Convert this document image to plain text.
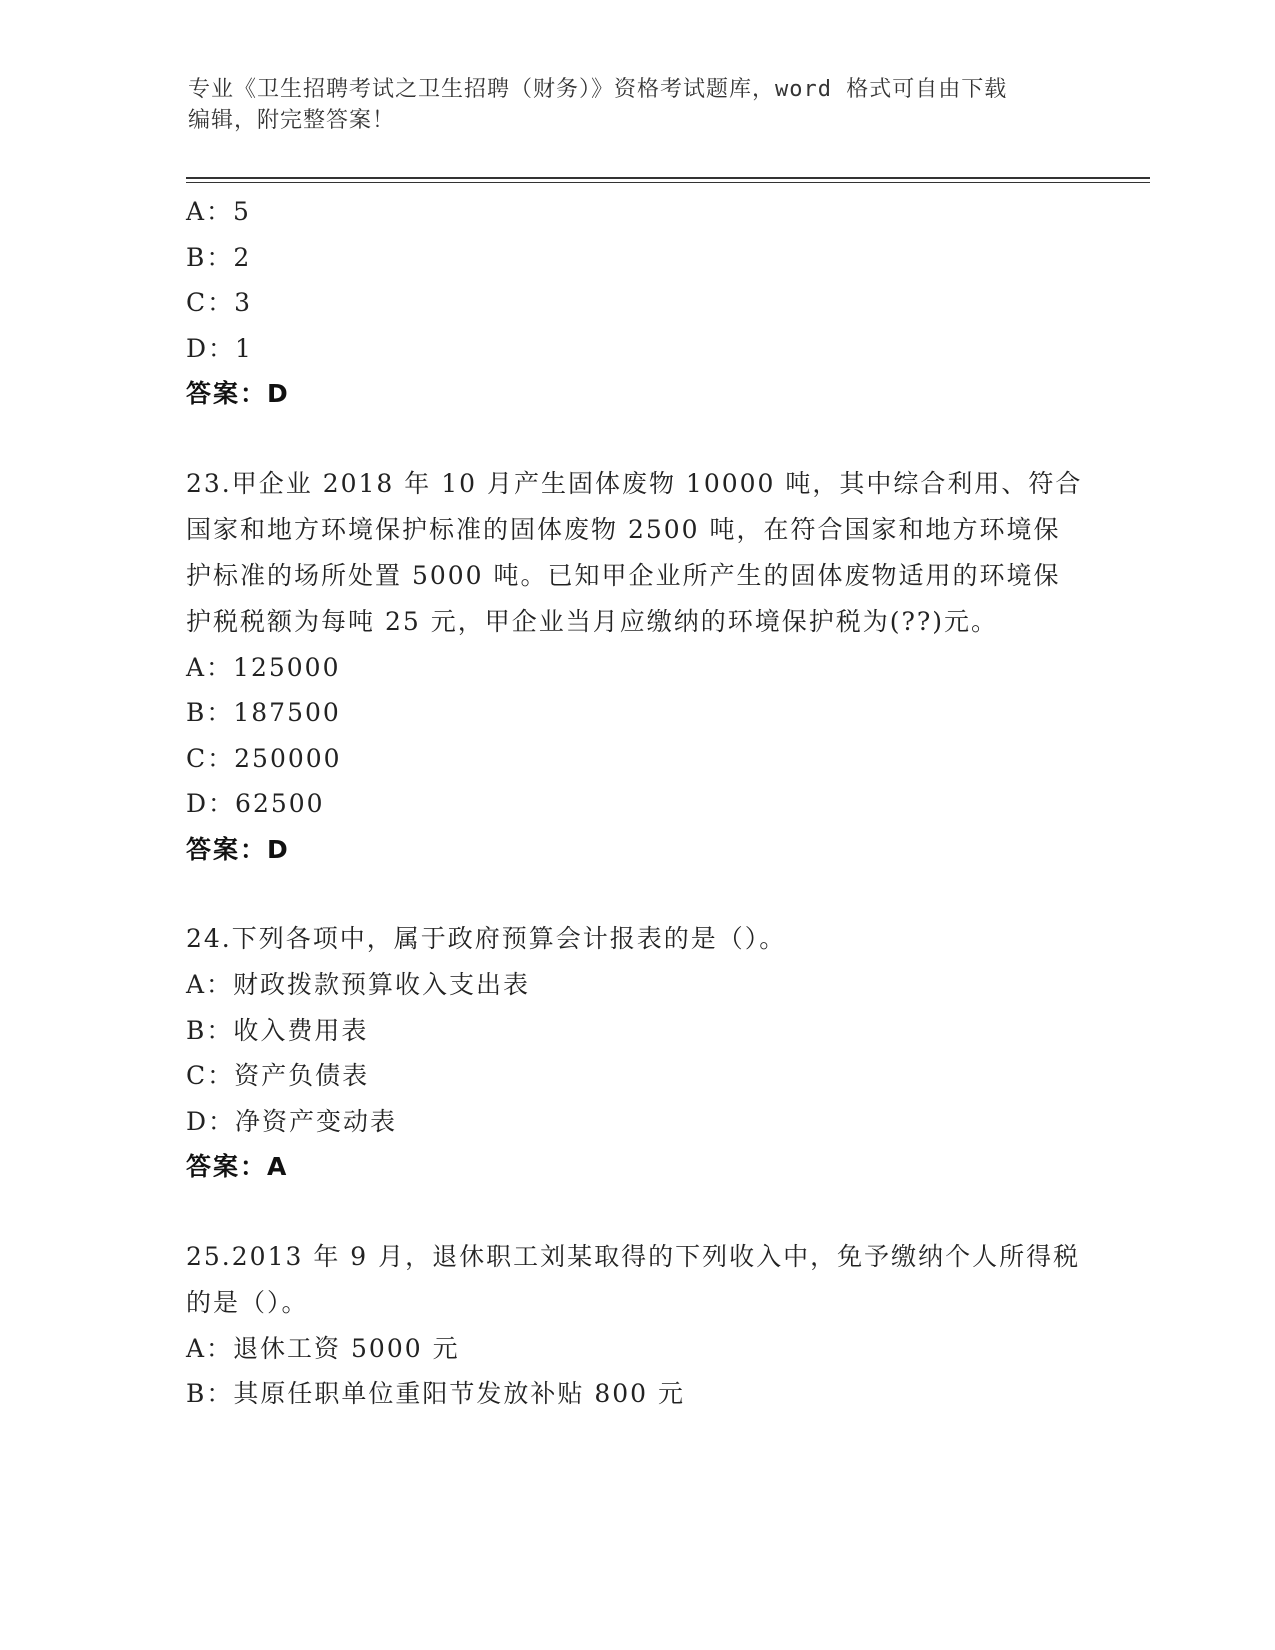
专业《卫生招聘考试之卫生招聘（财务）》资格考试题库，word 格式可自由下载
编辑，附完整答案！
A：5
B：2
C：3
D：1
答案：D
23.甲企业 2018 年 10 月产生固体废物 10000 吨，其中综合利用、符合国家和地方环境保护标准的固体废物 2500 吨，在符合国家和地方环境保护标准的场所处置 5000 吨。已知甲企业所产生的固体废物适用的环境保护税税额为每吨 25 元，甲企业当月应缴纳的环境保护税为(??)元。
A：125000
B：187500
C：250000
D：62500
答案：D
24.下列各项中，属于政府预算会计报表的是（）。
A：财政拨款预算收入支出表
B：收入费用表
C：资产负债表
D：净资产变动表
答案：A
25.2013 年 9 月，退休职工刘某取得的下列收入中，免予缴纳个人所得税的是（）。
A：退休工资 5000 元
B：其原任职单位重阳节发放补贴 800 元
